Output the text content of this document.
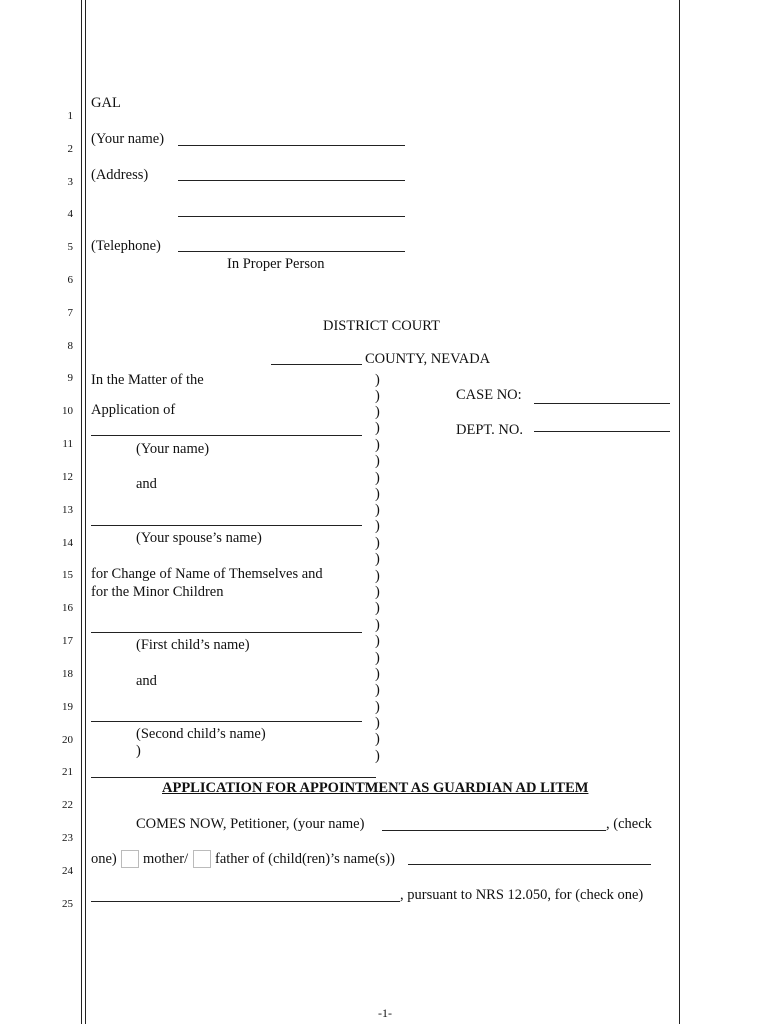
1
2
3
4
5
6
7
8
9
10
11
12
13
14
15
16
17
18
19
20
21
22
23
24
25
GAL
(Your name)
(Address)
(Telephone)
In Proper Person
DISTRICT COURT
COUNTY, NEVADA
In the Matter of the
Application of
(Your name)
and
(Your spouse’s name)
for Change of Name of Themselves and
for the Minor Children
(First child’s name)
and
(Second child’s name)
)
)
)
)
)
)
)
)
)
)
)
)
)
)
)
)
)
)
)
)
)
)
)
)
)
CASE NO:
DEPT. NO.
APPLICATION FOR APPOINTMENT AS GUARDIAN AD LITEM
COMES NOW, Petitioner, (your name)	, (check
one) mother/ father of (child(ren)’s name(s))
, pursuant to NRS 12.050, for (check one)
-1-
